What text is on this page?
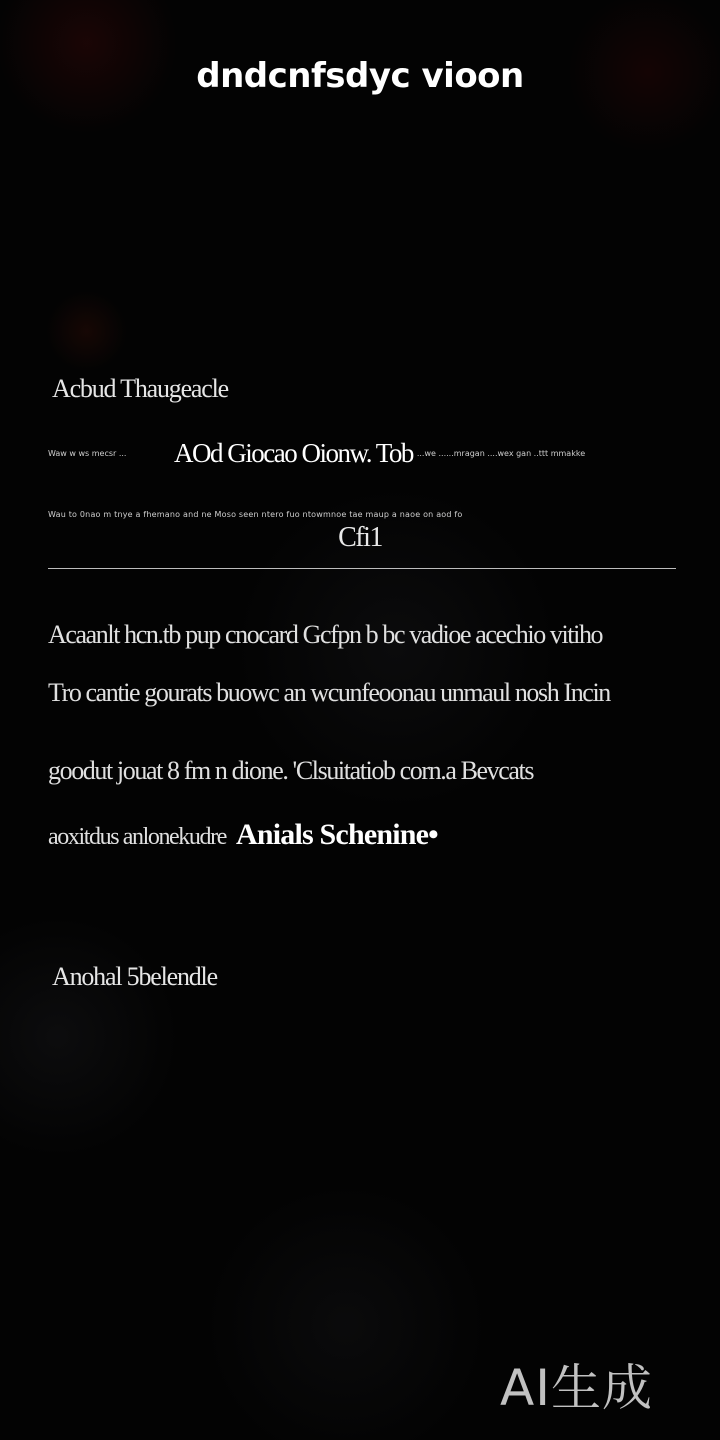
dndcnfsdyc vioon
Acbud Thaugeacle
Waw w ws mecsr ...	AOd Giocao Oionw. Tob ...we ......mragan ....wex gan ..ttt mmakke
Wau to 0nao m tnye a fhemano and ne Moso seen ntero fuo ntowmnoe tae maup a naoe on aod fo
Cfi1
Acaanlt hcn.tb pup cnocard Gcfpn b bc vadioe acechio vitiho
Tro cantie gourats buowc an wcunfeoonau unmaul nosh Incin
goodut jouat 8 fm n dione. 'Clsuitatiob corn.a Bevcats
aoxitdus anlonekudre Anials Schenine•
Anohal 5belendle
AI生成
